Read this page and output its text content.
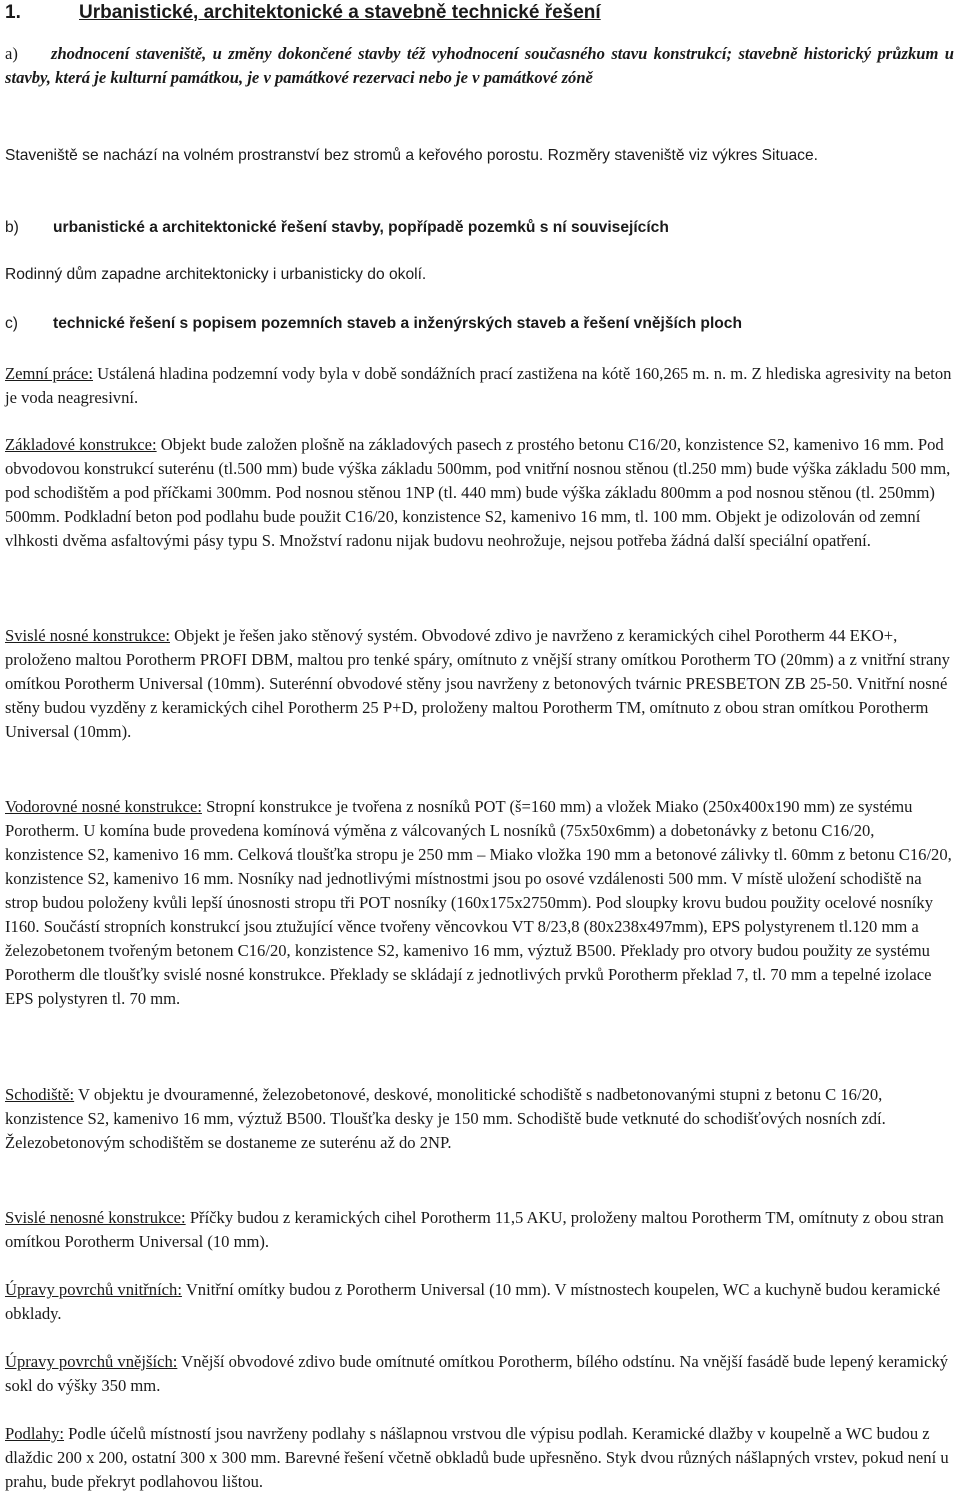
1.	Urbanistické, architektonické a stavebně technické řešení
a) zhodnocení staveniště, u změny dokončené stavby též vyhodnocení současného stavu konstrukcí; stavebně historický průzkum u stavby, která je kulturní památkou, je v památkové rezervaci nebo je v památkové zóně
Staveniště se nachází na volném prostranství bez stromů a keřového porostu. Rozměry staveniště viz výkres Situace.
b) urbanistické a architektonické řešení stavby, popřípadě pozemků s ní souvisejících
Rodinný dům zapadne architektonicky i urbanisticky do okolí.
c) technické řešení s popisem pozemních staveb a inženýrských staveb a řešení vnějších ploch

Zemní práce: Ustálená hladina podzemní vody byla v době sondážních prací zastižena na kótě 160,265 m. n. m. Z hlediska agresivity na beton je voda neagresivní.

Základové konstrukce: Objekt bude založen plošně na základových pasech z prostého betonu C16/20, konzistence S2, kamenivo 16 mm. Pod obvodovou konstrukcí suterénu (tl.500 mm) bude výška základu 500mm, pod vnitřní nosnou stěnou (tl.250 mm) bude výška základu 500 mm, pod schodištěm a pod příčkami 300mm. Pod nosnou stěnou 1NP (tl. 440 mm) bude výška základu 800mm a pod nosnou stěnou (tl. 250mm) 500mm. Podkladní beton pod podlahu bude použit C16/20, konzistence S2, kamenivo 16 mm, tl. 100 mm. Objekt je odizolován od zemní vlhkosti dvěma asfaltovými pásy typu S. Množství radonu nijak budovu neohrožuje, nejsou potřeba žádná další speciální opatření.

Svislé nosné konstrukce: Objekt je řešen jako stěnový systém. Obvodové zdivo je navrženo z keramických cihel Porotherm 44 EKO+, proloženo maltou Porotherm PROFI DBM, maltou pro tenké spáry, omítnuto z vnější strany omítkou Porotherm TO (20mm) a z vnitřní strany omítkou Porotherm Universal (10mm). Suterénní obvodové stěny jsou navrženy z betonových tvárnic PRESBETON ZB 25-50. Vnitřní nosné stěny budou vyzděny z keramických cihel Porotherm 25 P+D, proloženy maltou Porotherm TM, omítnuto z obou stran omítkou Porotherm Universal (10mm).

Vodorovné nosné konstrukce: Stropní konstrukce je tvořena z nosníků POT (š=160 mm) a vložek Miako (250x400x190 mm) ze systému Porotherm. U komína bude provedena komínová výměna z válcovaných L nosníků (75x50x6mm) a dobetonávky z betonu C16/20, konzistence S2, kamenivo 16 mm. Celková tloušťka stropu je 250 mm – Miako vložka 190 mm a betonové zálivky tl. 60mm z betonu C16/20, konzistence S2, kamenivo 16 mm. Nosníky nad jednotlivými místnostmi jsou po osové vzdálenosti 500 mm. V místě uložení schodiště na strop budou položeny kvůli lepší únosnosti stropu tři POT nosníky (160x175x2750mm). Pod sloupky krovu budou použity ocelové nosníky I160. Součástí stropních konstrukcí jsou ztužující věnce tvořeny věncovkou VT 8/23,8 (80x238x497mm), EPS polystyrenem tl.120 mm a železobetonem tvořeným betonem C16/20, konzistence S2, kamenivo 16 mm, výztuž B500. Překlady pro otvory budou použity ze systému Porotherm dle tloušťky svislé nosné konstrukce. Překlady se skládají z jednotlivých prvků Porotherm překlad 7, tl. 70 mm a tepelné izolace EPS polystyren tl. 70 mm.

Schodiště: V objektu je dvouramenné, železobetonové, deskové, monolitické schodiště s nadbetonovanými stupni z betonu C 16/20, konzistence S2, kamenivo 16 mm, výztuž B500. Tloušťka desky je 150 mm. Schodiště bude vetknuté do schodišťových nosních zdí. Železobetonovým schodištěm se dostaneme ze suterénu až do 2NP.

Svislé nenosné konstrukce: Příčky budou z keramických cihel Porotherm 11,5 AKU, proloženy maltou Porotherm TM, omítnuty z obou stran omítkou Porotherm Universal (10 mm).

Úpravy povrchů vnitřních: Vnitřní omítky budou z Porotherm Universal (10 mm). V místnostech koupelen, WC a kuchyně budou keramické obklady.

Úpravy povrchů vnějších: Vnější obvodové zdivo bude omítnuté omítkou Porotherm, bílého odstínu. Na vnější fasádě bude lepený keramický sokl do výšky 350 mm.

Podlahy: Podle účelů místností jsou navrženy podlahy s nášlapnou vrstvou dle výpisu podlah. Keramické dlažby v koupelně a WC budou z dlaždic 200 x 200, ostatní 300 x 300 mm. Barevné řešení včetně obkladů bude upřesněno. Styk dvou různých nášlapných vrstev, pokud není u prahu, bude překryt podlahovou lištou.
